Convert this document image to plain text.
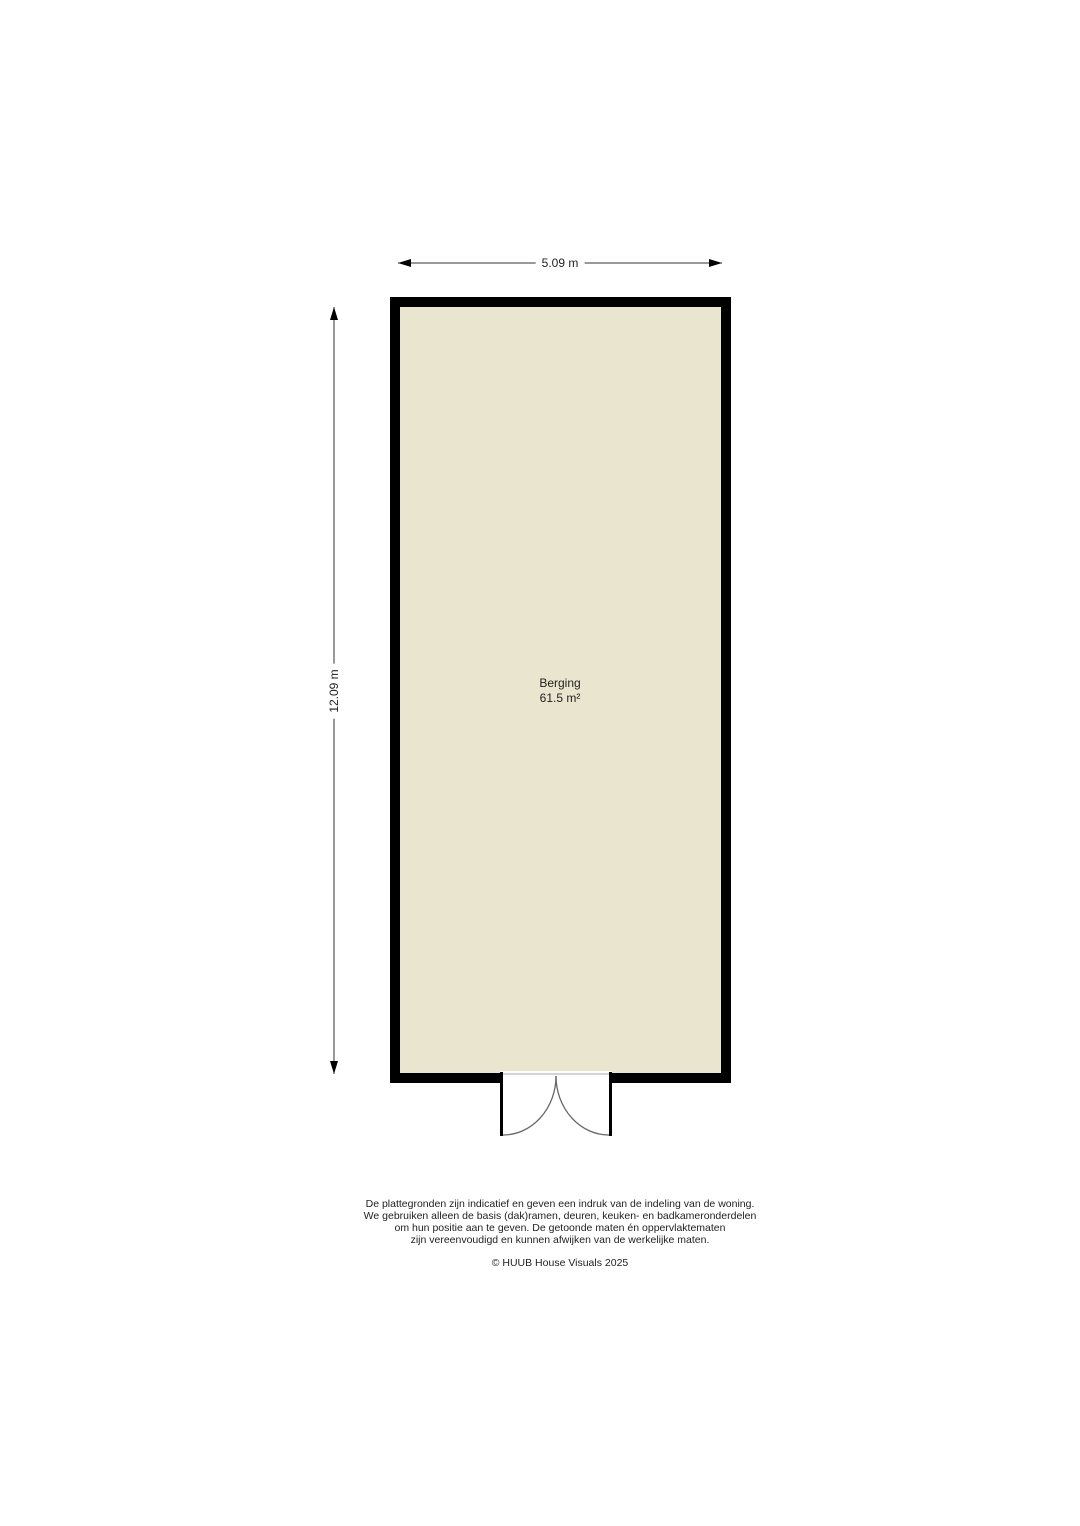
5.09 m
12.09 m	Berging
61.5 m²
De plattegronden zijn indicatief en geven een indruk van de indeling van de woning.
We gebruiken alleen de basis (dak)ramen, deuren, keuken- en badkameronderdelen
om hun positie aan te geven. De getoonde maten én oppervlaktematen
zijn vereenvoudigd en kunnen afwijken van de werkelijke maten.
© HUUB House Visuals 2025
